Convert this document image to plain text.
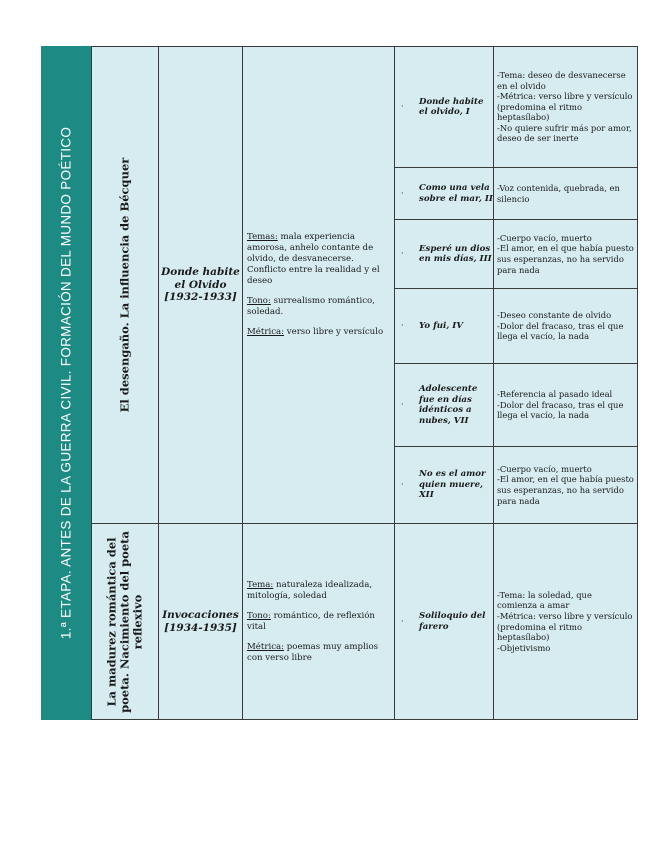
1.ª ETAPA. ANTES DE LA GUERRA CIVIL. FORMACIÓN DEL MUNDO POÉTICO	El desengaño. La influencia de Bécquer	Donde habite el Olvido
[1932-1933]

Temas: mala experiencia amorosa, anhelo contante de olvido, de desvanecerse. Conflicto entre la realidad y el deseo

Tono: surrealismo romántico, soledad.

Métrica: verso libre y versículo

· Donde habite el olvido, I
-Tema: deseo de desvanecerse en el olvido
-Métrica: verso libre y versículo (predomina el ritmo heptasílabo)
-No quiere sufrir más por amor, deseo de ser inerte
· Como una vela sobre el mar, II
-Voz contenida, quebrada, en silencio
· Esperé un dios en mis días, III
-Cuerpo vacío, muerto
-El amor, en el que había puesto sus esperanzas, no ha servido para nada
· Yo fui, IV
-Deseo constante de olvido
-Dolor del fracaso, tras el que llega el vacío, la nada
·
Adolescente fue en días idénticos a nubes, VII
-Referencia al pasado ideal
-Dolor del fracaso, tras el que llega el vacío, la nada
·
No es el amor quien muere, XII
-Cuerpo vacío, muerto
-El amor, en el que había puesto sus esperanzas, no ha servido para nada
La madurez romántica del poeta. Nacimiento del poeta reflexivo Invocaciones
[1934-1935]

Tema: naturaleza idealizada, mitología, soledad

Tono: romántico, de reflexión vital

Métrica: poemas muy amplios con verso libre

· Soliloquio del farero
-Tema: la soledad, que comienza a amar
-Métrica: verso libre y versículo (predomina el ritmo heptasílabo)
-Objetivismo
